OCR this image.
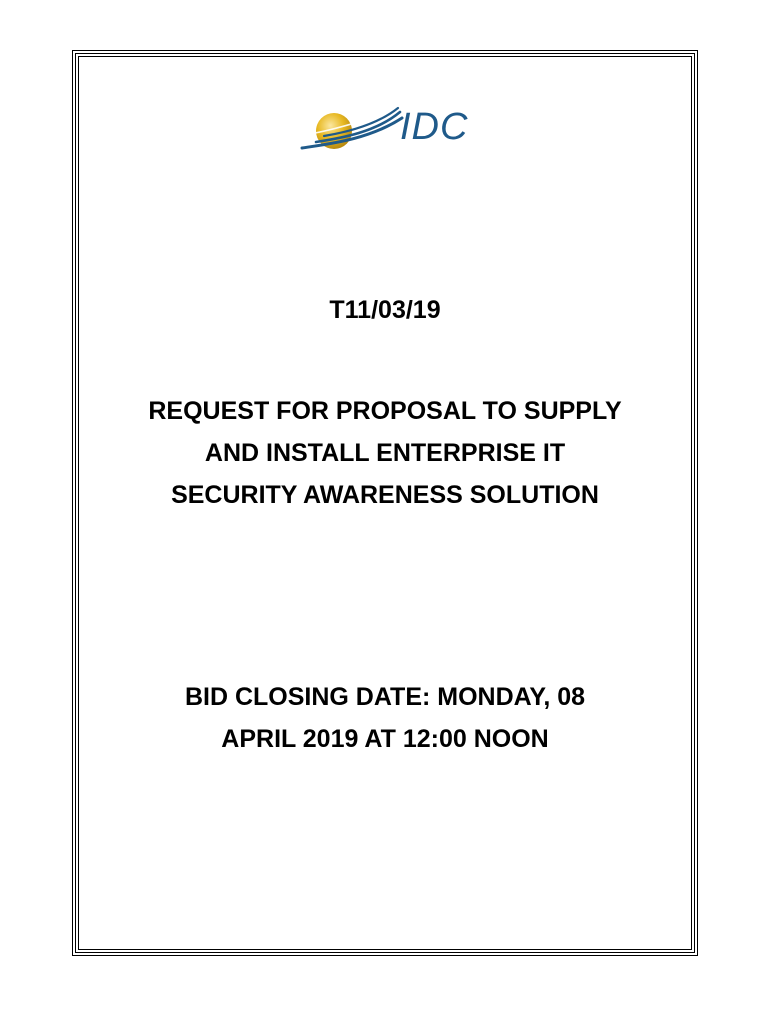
IDC
T11/03/19
REQUEST FOR PROPOSAL TO SUPPLY
AND INSTALL ENTERPRISE IT
SECURITY AWARENESS SOLUTION
BID CLOSING DATE: MONDAY, 08
APRIL 2019 AT 12:00 NOON
